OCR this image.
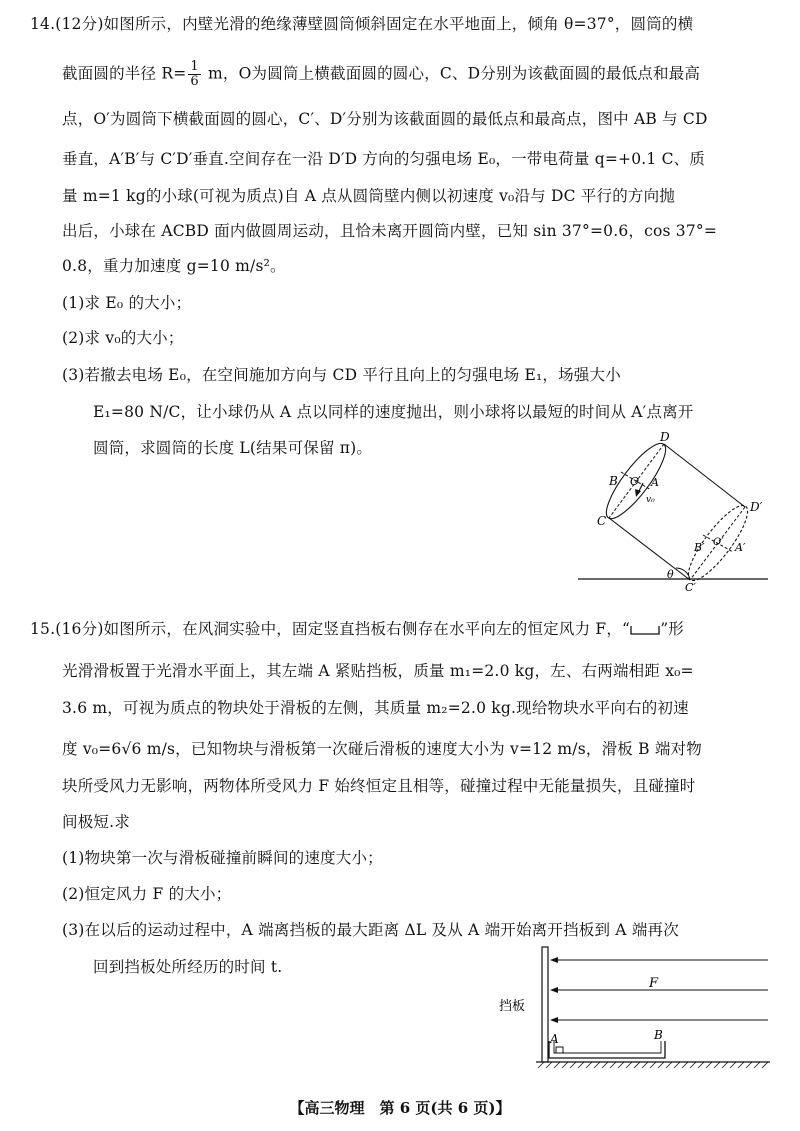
14.(12分)如图所示，内壁光滑的绝缘薄壁圆筒倾斜固定在水平地面上，倾角 θ=37°，圆筒的横
截面圆的半径 $R= \frac{1}{6}$ m，O为圆筒上横截面圆的圆心，C、D分别为该截面圆的最低点和最高
点，O′为圆筒下横截面圆的圆心，C′、D′分别为该截面圆的最低点和最高点，图中 AB 与 CD
垂直，A′B′与 C′D′垂直.空间存在一沿 D′D 方向的匀强电场 E₀，一带电荷量 q=+0.1 C、质
量 m=1 kg的小球(可视为质点)自 A 点从圆筒壁内侧以初速度 v₀沿与 DC 平行的方向抛
出后，小球在 ACBD 面内做圆周运动，且恰未离开圆筒内壁，已知 sin 37°=0.6，cos 37°=
0.8，重力加速度 g=10 m/s²。
(1)求 E₀ 的大小；
(2)求 v₀的大小；
(3)若撤去电场 E₀，在空间施加方向与 CD 平行且向上的匀强电场 E₁，场强大小
E₁=80 N/C，让小球仍从 A 点以同样的速度抛出，则小球将以最短的时间从 A′点离开
圆筒，求圆筒的长度 L(结果可保留 π)。
D
B O A
v₀
C
D′
B′ O′ A′
C′
θ
15.(16分)如图所示，在风洞实验中，固定竖直挡板右侧存在水平向左的恒定风力 F，“ ”形
光滑滑板置于光滑水平面上，其左端 A 紧贴挡板，质量 m₁=2.0 kg，左、右两端相距 x₀=
3.6 m，可视为质点的物块处于滑板的左侧，其质量 m₂=2.0 kg.现给物块水平向右的初速
度 v₀=6√6 m/s，已知物块与滑板第一次碰后滑板的速度大小为 v=12 m/s，滑板 B 端对物
块所受风力无影响，两物体所受风力 F 始终恒定且相等，碰撞过程中无能量损失，且碰撞时
间极短.求
(1)物块第一次与滑板碰撞前瞬间的速度大小；
(2)恒定风力 F 的大小；
(3)在以后的运动过程中，A 端离挡板的最大距离 ΔL 及从 A 端开始离开挡板到 A 端再次
回到挡板处所经历的时间 t.
挡板
F
A	B
【高三物理　第 6 页(共 6 页)】
